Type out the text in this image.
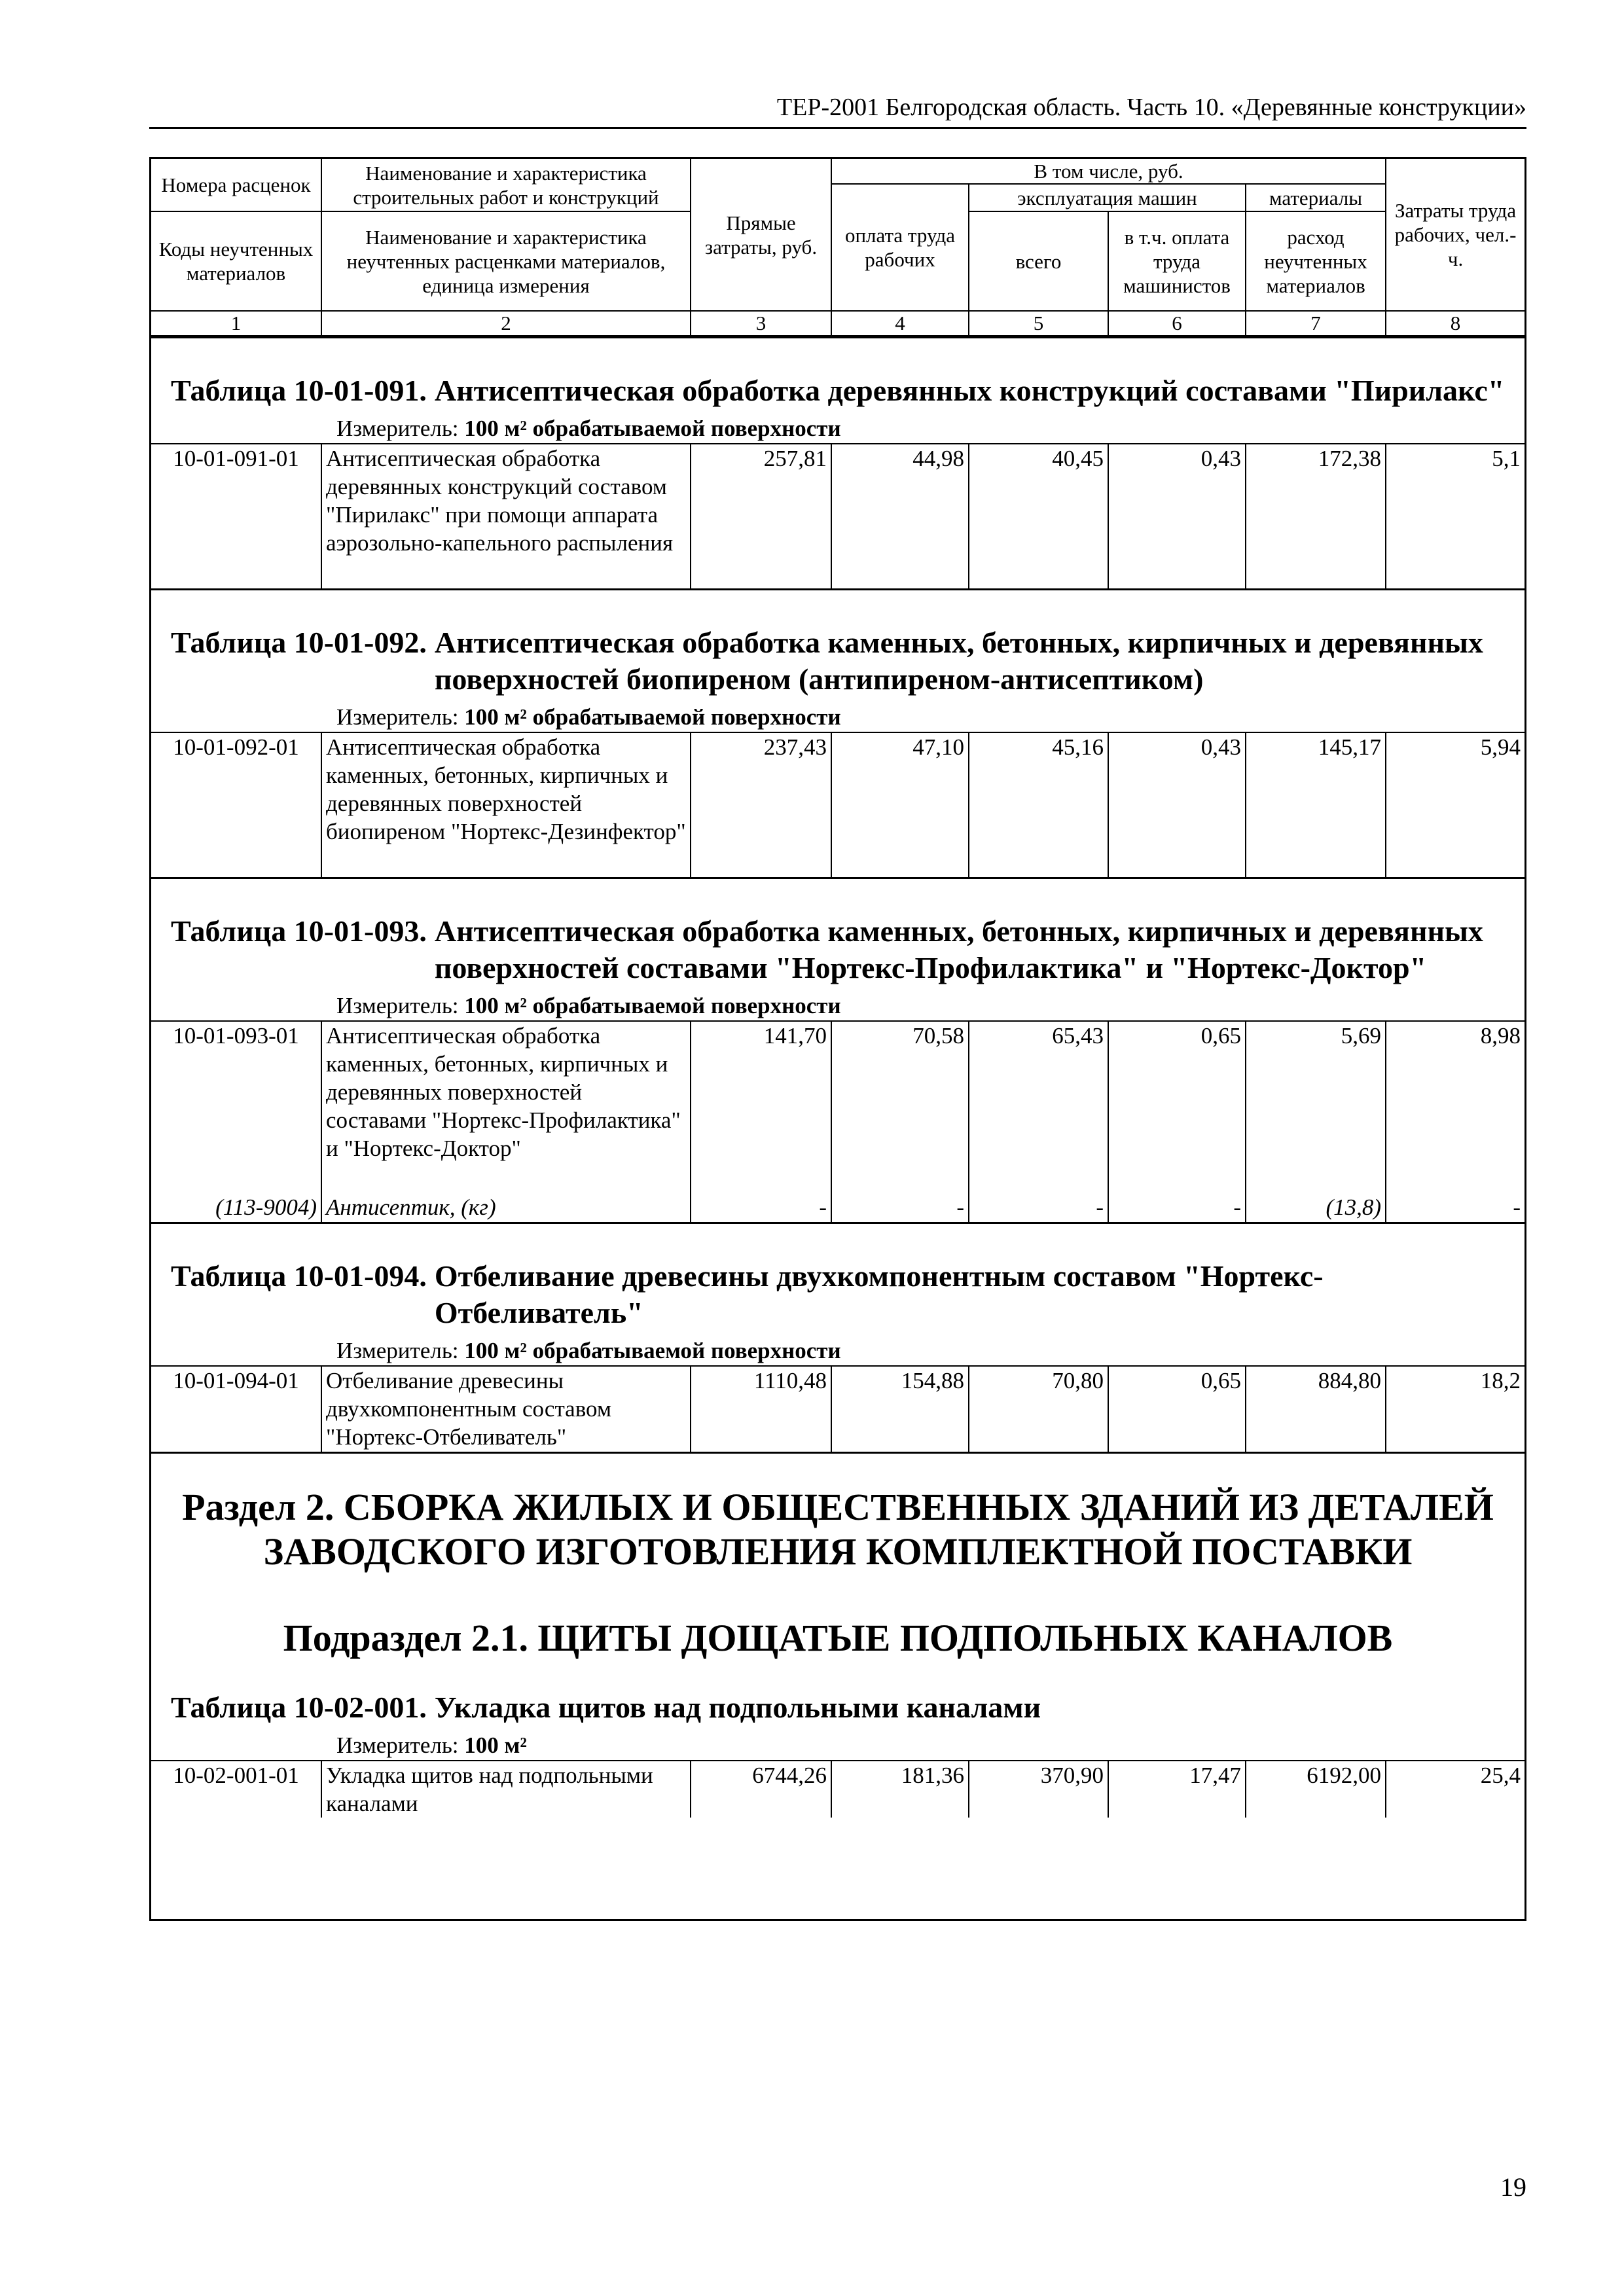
ТЕР-2001 Белгородская область. Часть 10. «Деревянные конструкции»
Номера расценок	Наименование и характеристика строительных работ и конструкций	Прямые затраты, руб.	В том числе, руб.				Затраты труда рабочих, чел.-ч.
			оплата труда рабочих	эксплуатация машин		материалы	
Коды неучтенных материалов	Наименование и характеристика неучтенных расценками материалов, единица измерения			всего	в т.ч. оплата труда машинистов	расход неучтенных материалов	

1	2	3	4	5	6	7	8
Таблица 10-01-091. Антисептическая обработка деревянных конструкций составами "Пирилакс"
Измеритель: 100 м² обрабатываемой поверхности
10-01-091-01	Антисептическая обработка деревянных конструкций составом "Пирилакс" при помощи аппарата аэрозольно-капельного распыления	257,81	44,98	40,45	0,43	172,38	5,1
Таблица 10-01-092. Антисептическая обработка каменных, бетонных, кирпичных и деревянных поверхностей биопиреном (антипиреном-антисептиком)
Измеритель: 100 м² обрабатываемой поверхности
10-01-092-01	Антисептическая обработка каменных, бетонных, кирпичных и деревянных поверхностей биопиреном "Нортекс-Дезинфектор"	237,43	47,10	45,16	0,43	145,17	5,94
Таблица 10-01-093. Антисептическая обработка каменных, бетонных, кирпичных и деревянных поверхностей составами "Нортекс-Профилактика" и "Нортекс-Доктор"
Измеритель: 100 м² обрабатываемой поверхности
10-01-093-01	Антисептическая обработка каменных, бетонных, кирпичных и деревянных поверхностей составами "Нортекс-Профилактика" и "Нортекс-Доктор"	141,70	70,58	65,43	0,65	5,69	8,98
(113-9004)	Антисептик, (кг)	-	-	-	-	(13,8)	-
Таблица 10-01-094. Отбеливание древесины двухкомпонентным составом "Нортекс-Отбеливатель"
Измеритель: 100 м² обрабатываемой поверхности
10-01-094-01	Отбеливание древесины двухкомпонентным составом "Нортекс-Отбеливатель"	1110,48	154,88	70,80	0,65	884,80	18,2
Раздел 2. СБОРКА ЖИЛЫХ И ОБЩЕСТВЕННЫХ ЗДАНИЙ ИЗ ДЕТАЛЕЙ ЗАВОДСКОГО ИЗГОТОВЛЕНИЯ КОМПЛЕКТНОЙ ПОСТАВКИ
Подраздел 2.1. ЩИТЫ ДОЩАТЫЕ ПОДПОЛЬНЫХ КАНАЛОВ
Таблица 10-02-001. Укладка щитов над подпольными каналами
Измеритель: 100 м²
10-02-001-01	Укладка щитов над подпольными каналами	6744,26	181,36	370,90	17,47	6192,00	25,4
19
